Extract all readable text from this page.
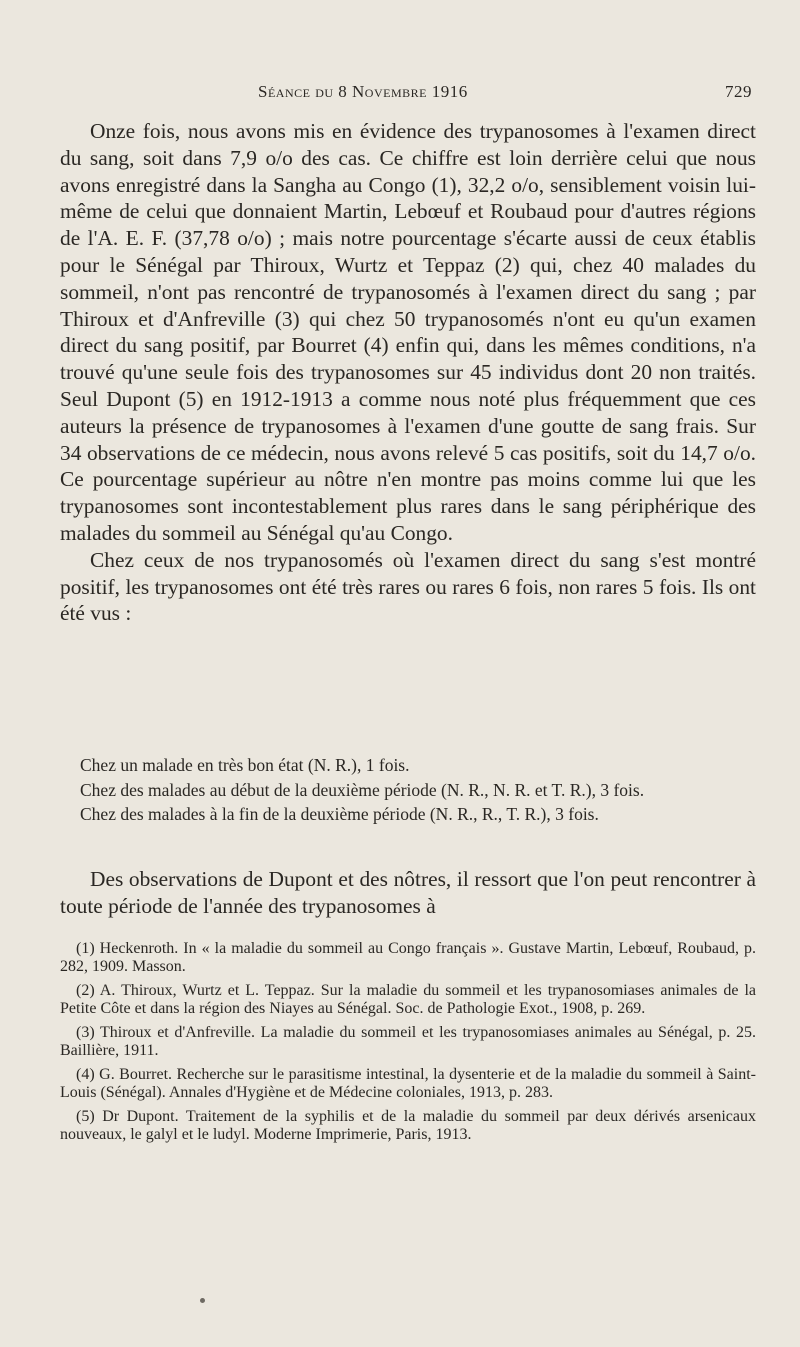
Séance du 8 Novembre 1916	729

Onze fois, nous avons mis en évidence des trypanosomes à l'examen direct du sang, soit dans 7,9 o/o des cas. Ce chiffre est loin derrière celui que nous avons enregistré dans la Sangha au Congo (1), 32,2 o/o, sensiblement voisin lui-même de celui que donnaient Martin, Lebœuf et Roubaud pour d'autres régions de l'A. E. F. (37,78 o/o) ; mais notre pourcentage s'écarte aussi de ceux établis pour le Sénégal par Thiroux, Wurtz et Teppaz (2) qui, chez 40 malades du sommeil, n'ont pas rencontré de trypanosomés à l'examen direct du sang ; par Thiroux et d'Anfreville (3) qui chez 50 trypanosomés n'ont eu qu'un examen direct du sang positif, par Bourret (4) enfin qui, dans les mêmes conditions, n'a trouvé qu'une seule fois des trypanosomes sur 45 individus dont 20 non traités. Seul Dupont (5) en 1912-1913 a comme nous noté plus fréquemment que ces auteurs la présence de trypanosomes à l'examen d'une goutte de sang frais. Sur 34 observations de ce médecin, nous avons relevé 5 cas positifs, soit du 14,7 o/o. Ce pourcentage supérieur au nôtre n'en montre pas moins comme lui que les trypanosomes sont incontestablement plus rares dans le sang périphérique des malades du sommeil au Sénégal qu'au Congo.

Chez ceux de nos trypanosomés où l'examen direct du sang s'est montré positif, les trypanosomes ont été très rares ou rares 6 fois, non rares 5 fois. Ils ont été vus :

Chez un malade en très bon état (N. R.), 1 fois.

Chez des malades au début de la deuxième période (N. R., N. R. et T. R.), 3 fois.

Chez des malades à la fin de la deuxième période (N. R., R., T. R.), 3 fois.

Des observations de Dupont et des nôtres, il ressort que l'on peut rencontrer à toute période de l'année des trypanosomes à

(1) Heckenroth. In « la maladie du sommeil au Congo français ». Gustave Martin, Lebœuf, Roubaud, p. 282, 1909. Masson.

(2) A. Thiroux, Wurtz et L. Teppaz. Sur la maladie du sommeil et les trypanosomiases animales de la Petite Côte et dans la région des Niayes au Sénégal. Soc. de Pathologie Exot., 1908, p. 269.

(3) Thiroux et d'Anfreville. La maladie du sommeil et les trypanosomiases animales au Sénégal, p. 25. Baillière, 1911.

(4) G. Bourret. Recherche sur le parasitisme intestinal, la dysenterie et de la maladie du sommeil à Saint-Louis (Sénégal). Annales d'Hygiène et de Médecine coloniales, 1913, p. 283.

(5) Dr Dupont. Traitement de la syphilis et de la maladie du sommeil par deux dérivés arsenicaux nouveaux, le galyl et le ludyl. Moderne Imprimerie, Paris, 1913.
